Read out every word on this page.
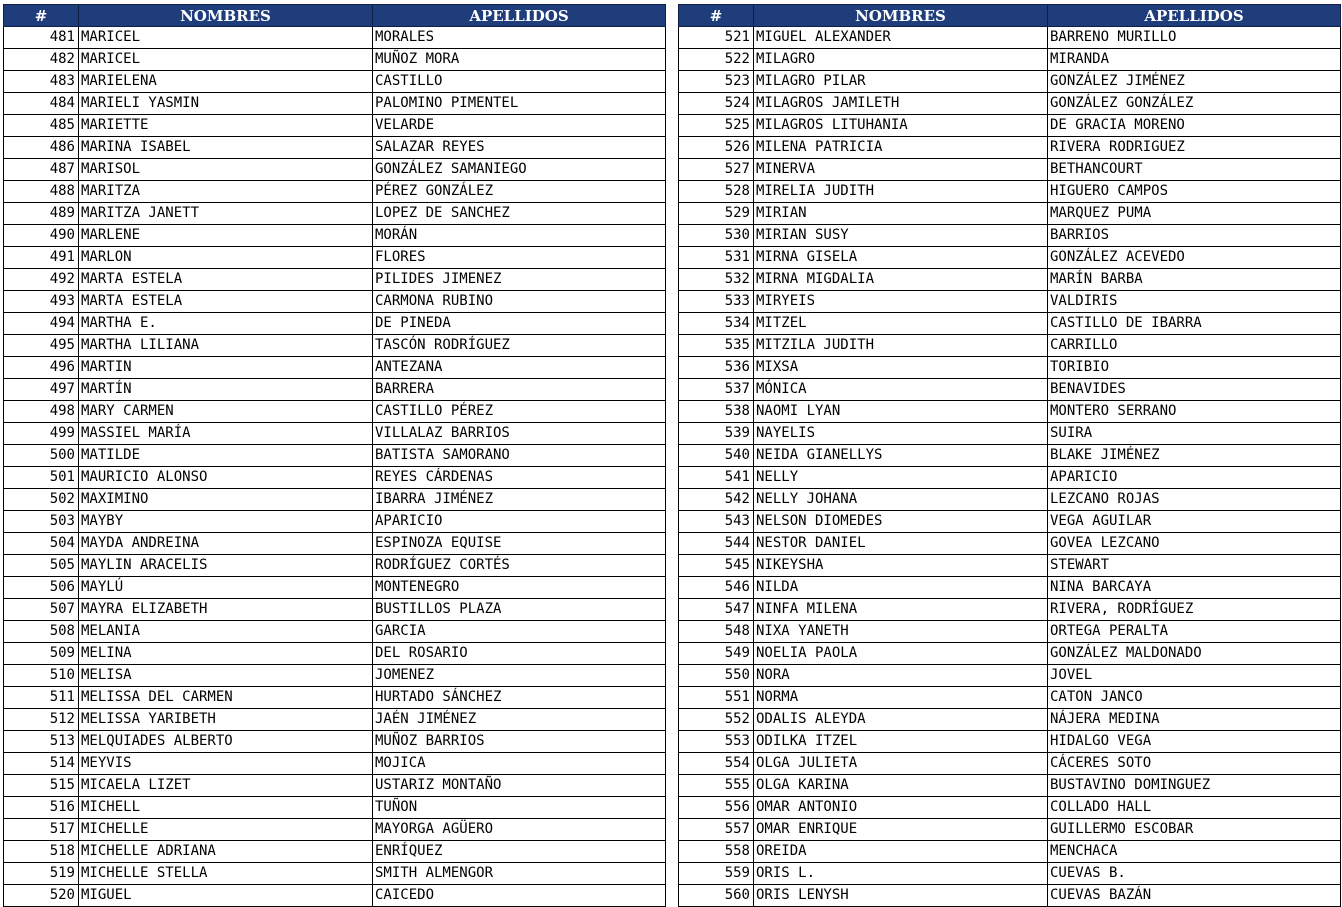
#	NOMBRES	APELLIDOS
481	MARICEL	MORALES
482	MARICEL	MUÑOZ MORA
483	MARIELENA	CASTILLO
484	MARIELI YASMIN	PALOMINO PIMENTEL
485	MARIETTE	VELARDE
486	MARINA ISABEL	SALAZAR REYES
487	MARISOL	GONZÁLEZ SAMANIEGO
488	MARITZA	PÉREZ GONZÁLEZ
489	MARITZA JANETT	LOPEZ DE SANCHEZ
490	MARLENE	MORÁN
491	MARLON	FLORES
492	MARTA ESTELA	PILIDES JIMENEZ
493	MARTA ESTELA	CARMONA RUBINO
494	MARTHA E.	DE PINEDA
495	MARTHA LILIANA	TASCÓN RODRÍGUEZ
496	MARTIN	ANTEZANA
497	MARTÍN	BARRERA
498	MARY CARMEN	CASTILLO PÉREZ
499	MASSIEL MARÍA	VILLALAZ BARRIOS
500	MATILDE	BATISTA SAMORANO
501	MAURICIO ALONSO	REYES CÁRDENAS
502	MAXIMINO	IBARRA JIMÉNEZ
503	MAYBY	APARICIO
504	MAYDA ANDREINA	ESPINOZA EQUISE
505	MAYLIN ARACELIS	RODRÍGUEZ CORTÉS
506	MAYLÚ	MONTENEGRO
507	MAYRA ELIZABETH	BUSTILLOS PLAZA
508	MELANIA	GARCIA
509	MELINA	DEL ROSARIO
510	MELISA	JOMENEZ
511	MELISSA DEL CARMEN	HURTADO SÁNCHEZ
512	MELISSA YARIBETH	JAÉN JIMÉNEZ
513	MELQUIADES ALBERTO	MUÑOZ BARRIOS
514	MEYVIS	MOJICA
515	MICAELA LIZET	USTARIZ MONTAÑO
516	MICHELL	TUÑON
517	MICHELLE	MAYORGA AGÜERO
518	MICHELLE ADRIANA	ENRÍQUEZ
519	MICHELLE STELLA	SMITH ALMENGOR
520	MIGUEL	CAICEDO
#	NOMBRES	APELLIDOS
521	MIGUEL ALEXANDER	BARRENO MURILLO
522	MILAGRO	MIRANDA
523	MILAGRO PILAR	GONZÁLEZ JIMÉNEZ
524	MILAGROS JAMILETH	GONZÁLEZ GONZÁLEZ
525	MILAGROS LITUHANIA	DE GRACIA MORENO
526	MILENA PATRICIA	RIVERA RODRIGUEZ
527	MINERVA	BETHANCOURT
528	MIRELIA JUDITH	HIGUERO CAMPOS
529	MIRIAN	MARQUEZ PUMA
530	MIRIAN SUSY	BARRIOS
531	MIRNA GISELA	GONZÁLEZ ACEVEDO
532	MIRNA MIGDALIA	MARÍN BARBA
533	MIRYEIS	VALDIRIS
534	MITZEL	CASTILLO DE IBARRA
535	MITZILA JUDITH	CARRILLO
536	MIXSA	TORIBIO
537	MÓNICA	BENAVIDES
538	NAOMI LYAN	MONTERO SERRANO
539	NAYELIS	SUIRA
540	NEIDA GIANELLYS	BLAKE JIMÉNEZ
541	NELLY	APARICIO
542	NELLY JOHANA	LEZCANO ROJAS
543	NELSON DIOMEDES	VEGA AGUILAR
544	NESTOR DANIEL	GOVEA LEZCANO
545	NIKEYSHA	STEWART
546	NILDA	NINA BARCAYA
547	NINFA MILENA	RIVERA, RODRÍGUEZ
548	NIXA YANETH	ORTEGA PERALTA
549	NOELIA PAOLA	GONZÁLEZ MALDONADO
550	NORA	JOVEL
551	NORMA	CATON JANCO
552	ODALIS ALEYDA	NÁJERA MEDINA
553	ODILKA ITZEL	HIDALGO VEGA
554	OLGA JULIETA	CÁCERES SOTO
555	OLGA KARINA	BUSTAVINO DOMINGUEZ
556	OMAR ANTONIO	COLLADO HALL
557	OMAR ENRIQUE	GUILLERMO ESCOBAR
558	OREIDA	MENCHACA
559	ORIS L.	CUEVAS B.
560	ORIS LENYSH	CUEVAS BAZÁN
